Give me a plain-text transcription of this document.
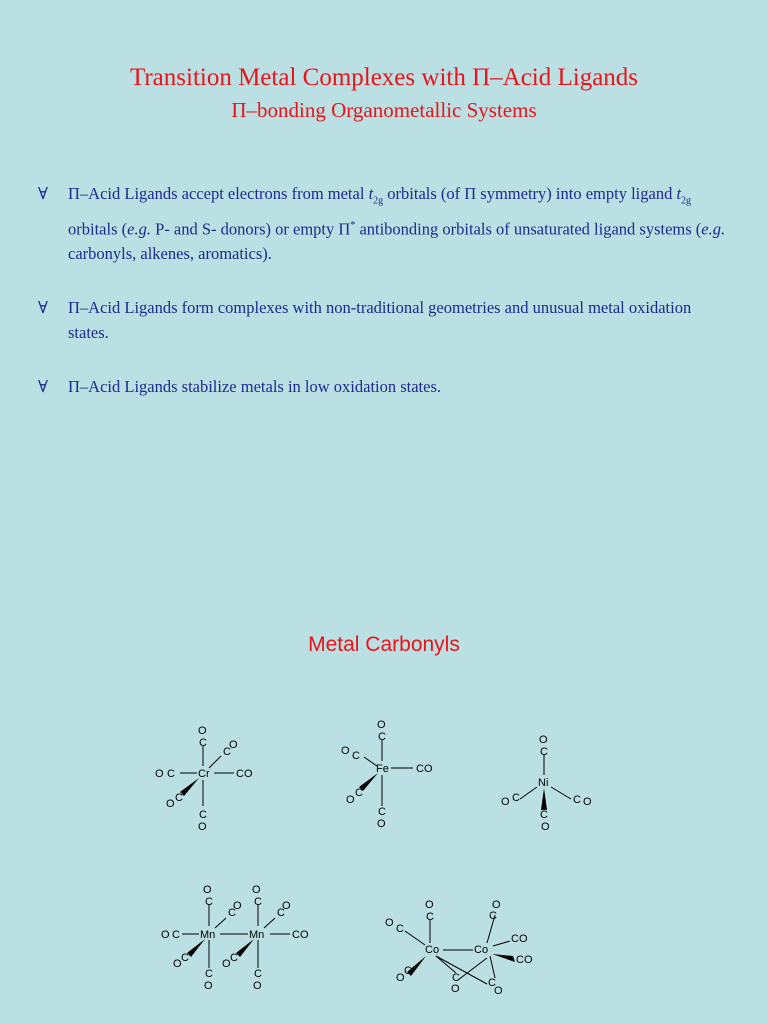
Transition Metal Complexes with Π–Acid Ligands
Π–bonding Organometallic Systems
∀	Π–Acid Ligands accept electrons from metal $t_{2g}$ orbitals (of Π symmetry) into empty ligand $t_{2g}$ orbitals (e.g. P- and S- donors) or empty Π* antibonding orbitals of unsaturated ligand systems (e.g. carbonyls, alkenes, aromatics).
∀	Π–Acid Ligands form complexes with non-traditional geometries and unusual metal oxidation states.
∀	Π–Acid Ligands stabilize metals in low oxidation states.
Metal Carbonyls
O
C
C
O
O C Cr CO
C
O
C
O
O
C
O C
Fe CO
C
O
C
O
O
C
Ni
O C	C O
C
O
O
C
O
C
C
O
C
O
O C Mn	Mn	CO
C
O	C
O
C
O
C
O
O
C
O
C
O C
Co	Co
CO
CO
C
O	C
O	C
O
